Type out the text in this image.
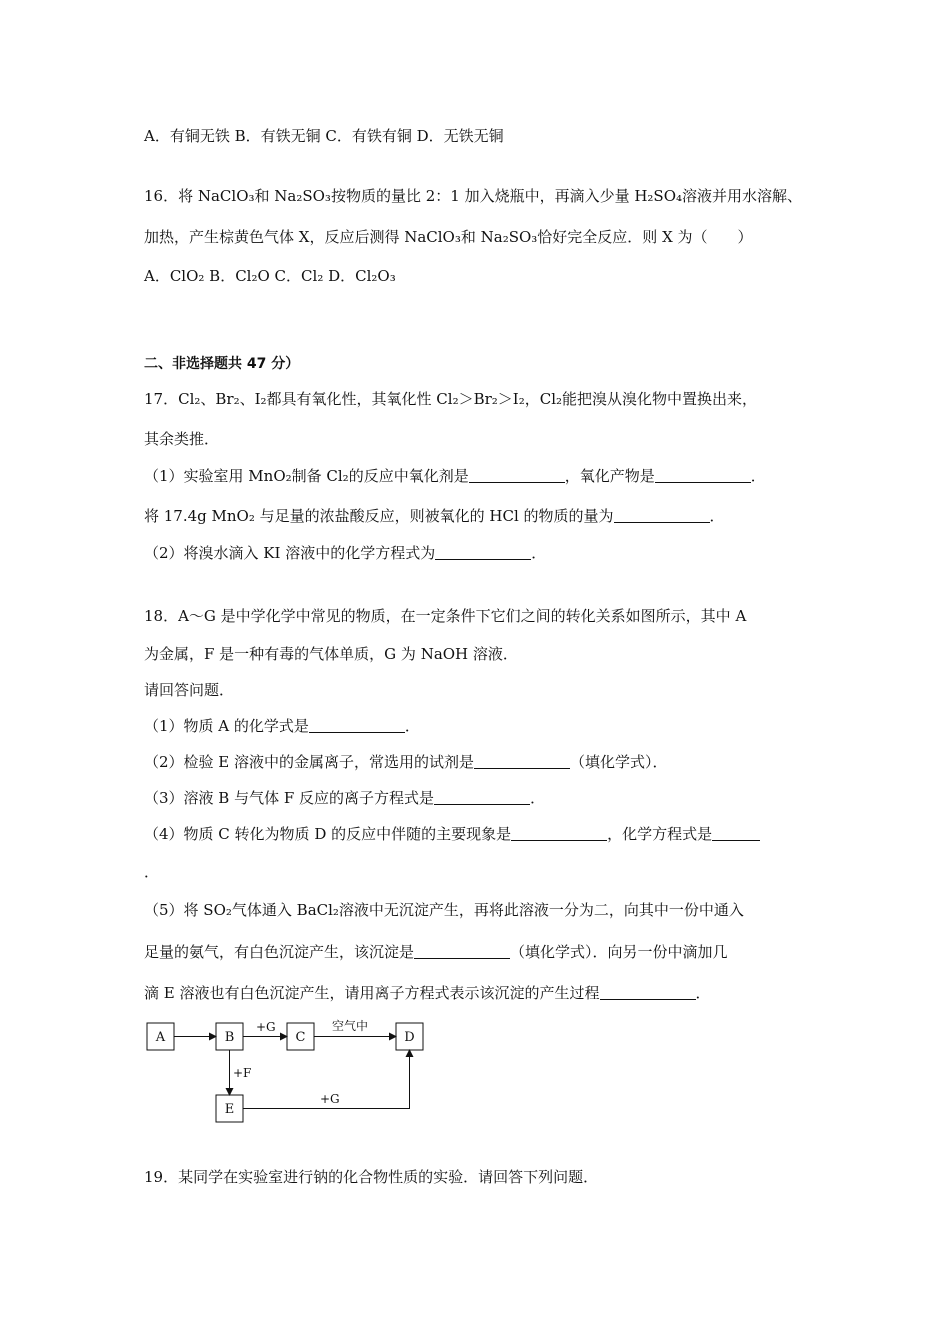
A．有铜无铁 B．有铁无铜 C．有铁有铜 D．无铁无铜
16．将 NaClO₃和 Na₂SO₃按物质的量比 2：1 加入烧瓶中，再滴入少量 H₂SO₄溶液并用水溶解、
加热，产生棕黄色气体 X，反应后测得 NaClO₃和 Na₂SO₃恰好完全反应．则 X 为（　　）
A．ClO₂ B．Cl₂O C．Cl₂ D．Cl₂O₃
二、非选择题共 47 分）
17．Cl₂、Br₂、I₂都具有氧化性，其氧化性 Cl₂＞Br₂＞I₂，Cl₂能把溴从溴化物中置换出来，
其余类推．
（1）实验室用 MnO₂制备 Cl₂的反应中氧化剂是	，氧化产物是	．
将 17.4g MnO₂ 与足量的浓盐酸反应，则被氧化的 HCl 的物质的量为	．
（2）将溴水滴入 KI 溶液中的化学方程式为	．
18．A～G 是中学化学中常见的物质，在一定条件下它们之间的转化关系如图所示，其中 A
为金属，F 是一种有毒的气体单质，G 为 NaOH 溶液．
请回答问题．
（1）物质 A 的化学式是	．
（2）检验 E 溶液中的金属离子，常选用的试剂是	（填化学式）．
（3）溶液 B 与气体 F 反应的离子方程式是	．
（4）物质 C 转化为物质 D 的反应中伴随的主要现象是	，化学方程式是
．
（5）将 SO₂气体通入 BaCl₂溶液中无沉淀产生，再将此溶液一分为二，向其中一份中通入
足量的氨气，有白色沉淀产生，该沉淀是	（填化学式）．向另一份中滴加几
滴 E 溶液也有白色沉淀产生，请用离子方程式表示该沉淀的产生过程	．
A	B	C	D
E
+G	空气中
+F
+G
19．某同学在实验室进行钠的化合物性质的实验．请回答下列问题．
